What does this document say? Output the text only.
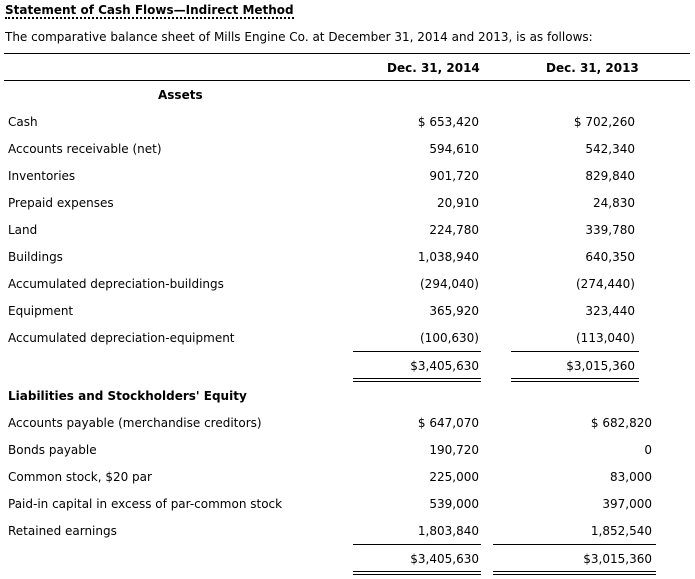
Statement of Cash Flows—Indirect Method
The comparative balance sheet of Mills Engine Co. at December 31, 2014 and 2013, is as follows:
Dec. 31, 2014	Dec. 31, 2013
Assets
Cash	$ 653,420	$ 702,260
Accounts receivable (net)	594,610	542,340
Inventories	901,720	829,840
Prepaid expenses	20,910	24,830
Land	224,780	339,780
Buildings	1,038,940	640,350
Accumulated depreciation-buildings	(294,040)	(274,440)
Equipment	365,920	323,440
Accumulated depreciation-equipment	(100,630)	(113,040)
$3,405,630	$3,015,360
Liabilities and Stockholders' Equity
Accounts payable (merchandise creditors)	$ 647,070	$ 682,820
Bonds payable	190,720	0
Common stock, $20 par	225,000	83,000
Paid-in capital in excess of par-common stock	539,000	397,000
Retained earnings	1,803,840	1,852,540
$3,405,630	$3,015,360
